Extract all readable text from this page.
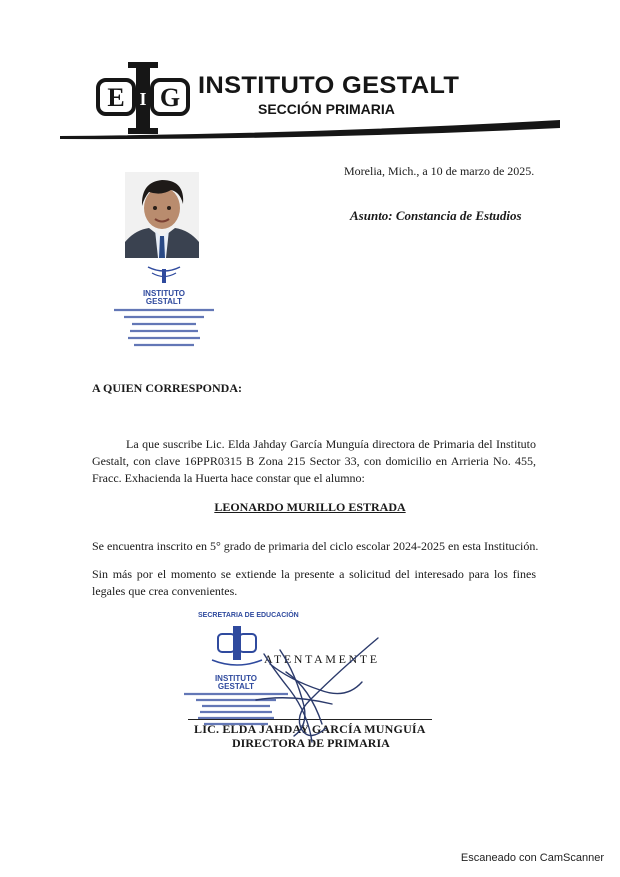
E G
I INSTITUTO GESTALT
SECCIÓN PRIMARIA
Morelia, Mich., a 10 de marzo de 2025.
Asunto: Constancia de Estudios
INSTITUTO
GESTALT
A QUIEN CORRESPONDA:
La que suscribe Lic. Elda Jahday García Munguía directora de Primaria del Instituto Gestalt, con clave 16PPR0315 B Zona 215 Sector 33, con domicilio en Arrieria No. 455, Fracc. Exhacienda la Huerta hace constar que el alumno:
LEONARDO MURILLO ESTRADA
Se encuentra inscrito en 5° grado de primaria del ciclo escolar 2024-2025 en esta Institución.
Sin más por el momento se extiende la presente a solicitud del interesado para los fines legales que crea convenientes.
SECRETARIA DE EDUCACIÓN
INSTITUTO
GESTALT
ATENTAMENTE
LIC. ELDA JAHDAY GARCÍA MUNGUÍA
DIRECTORA DE PRIMARIA
Escaneado con CamScanner
